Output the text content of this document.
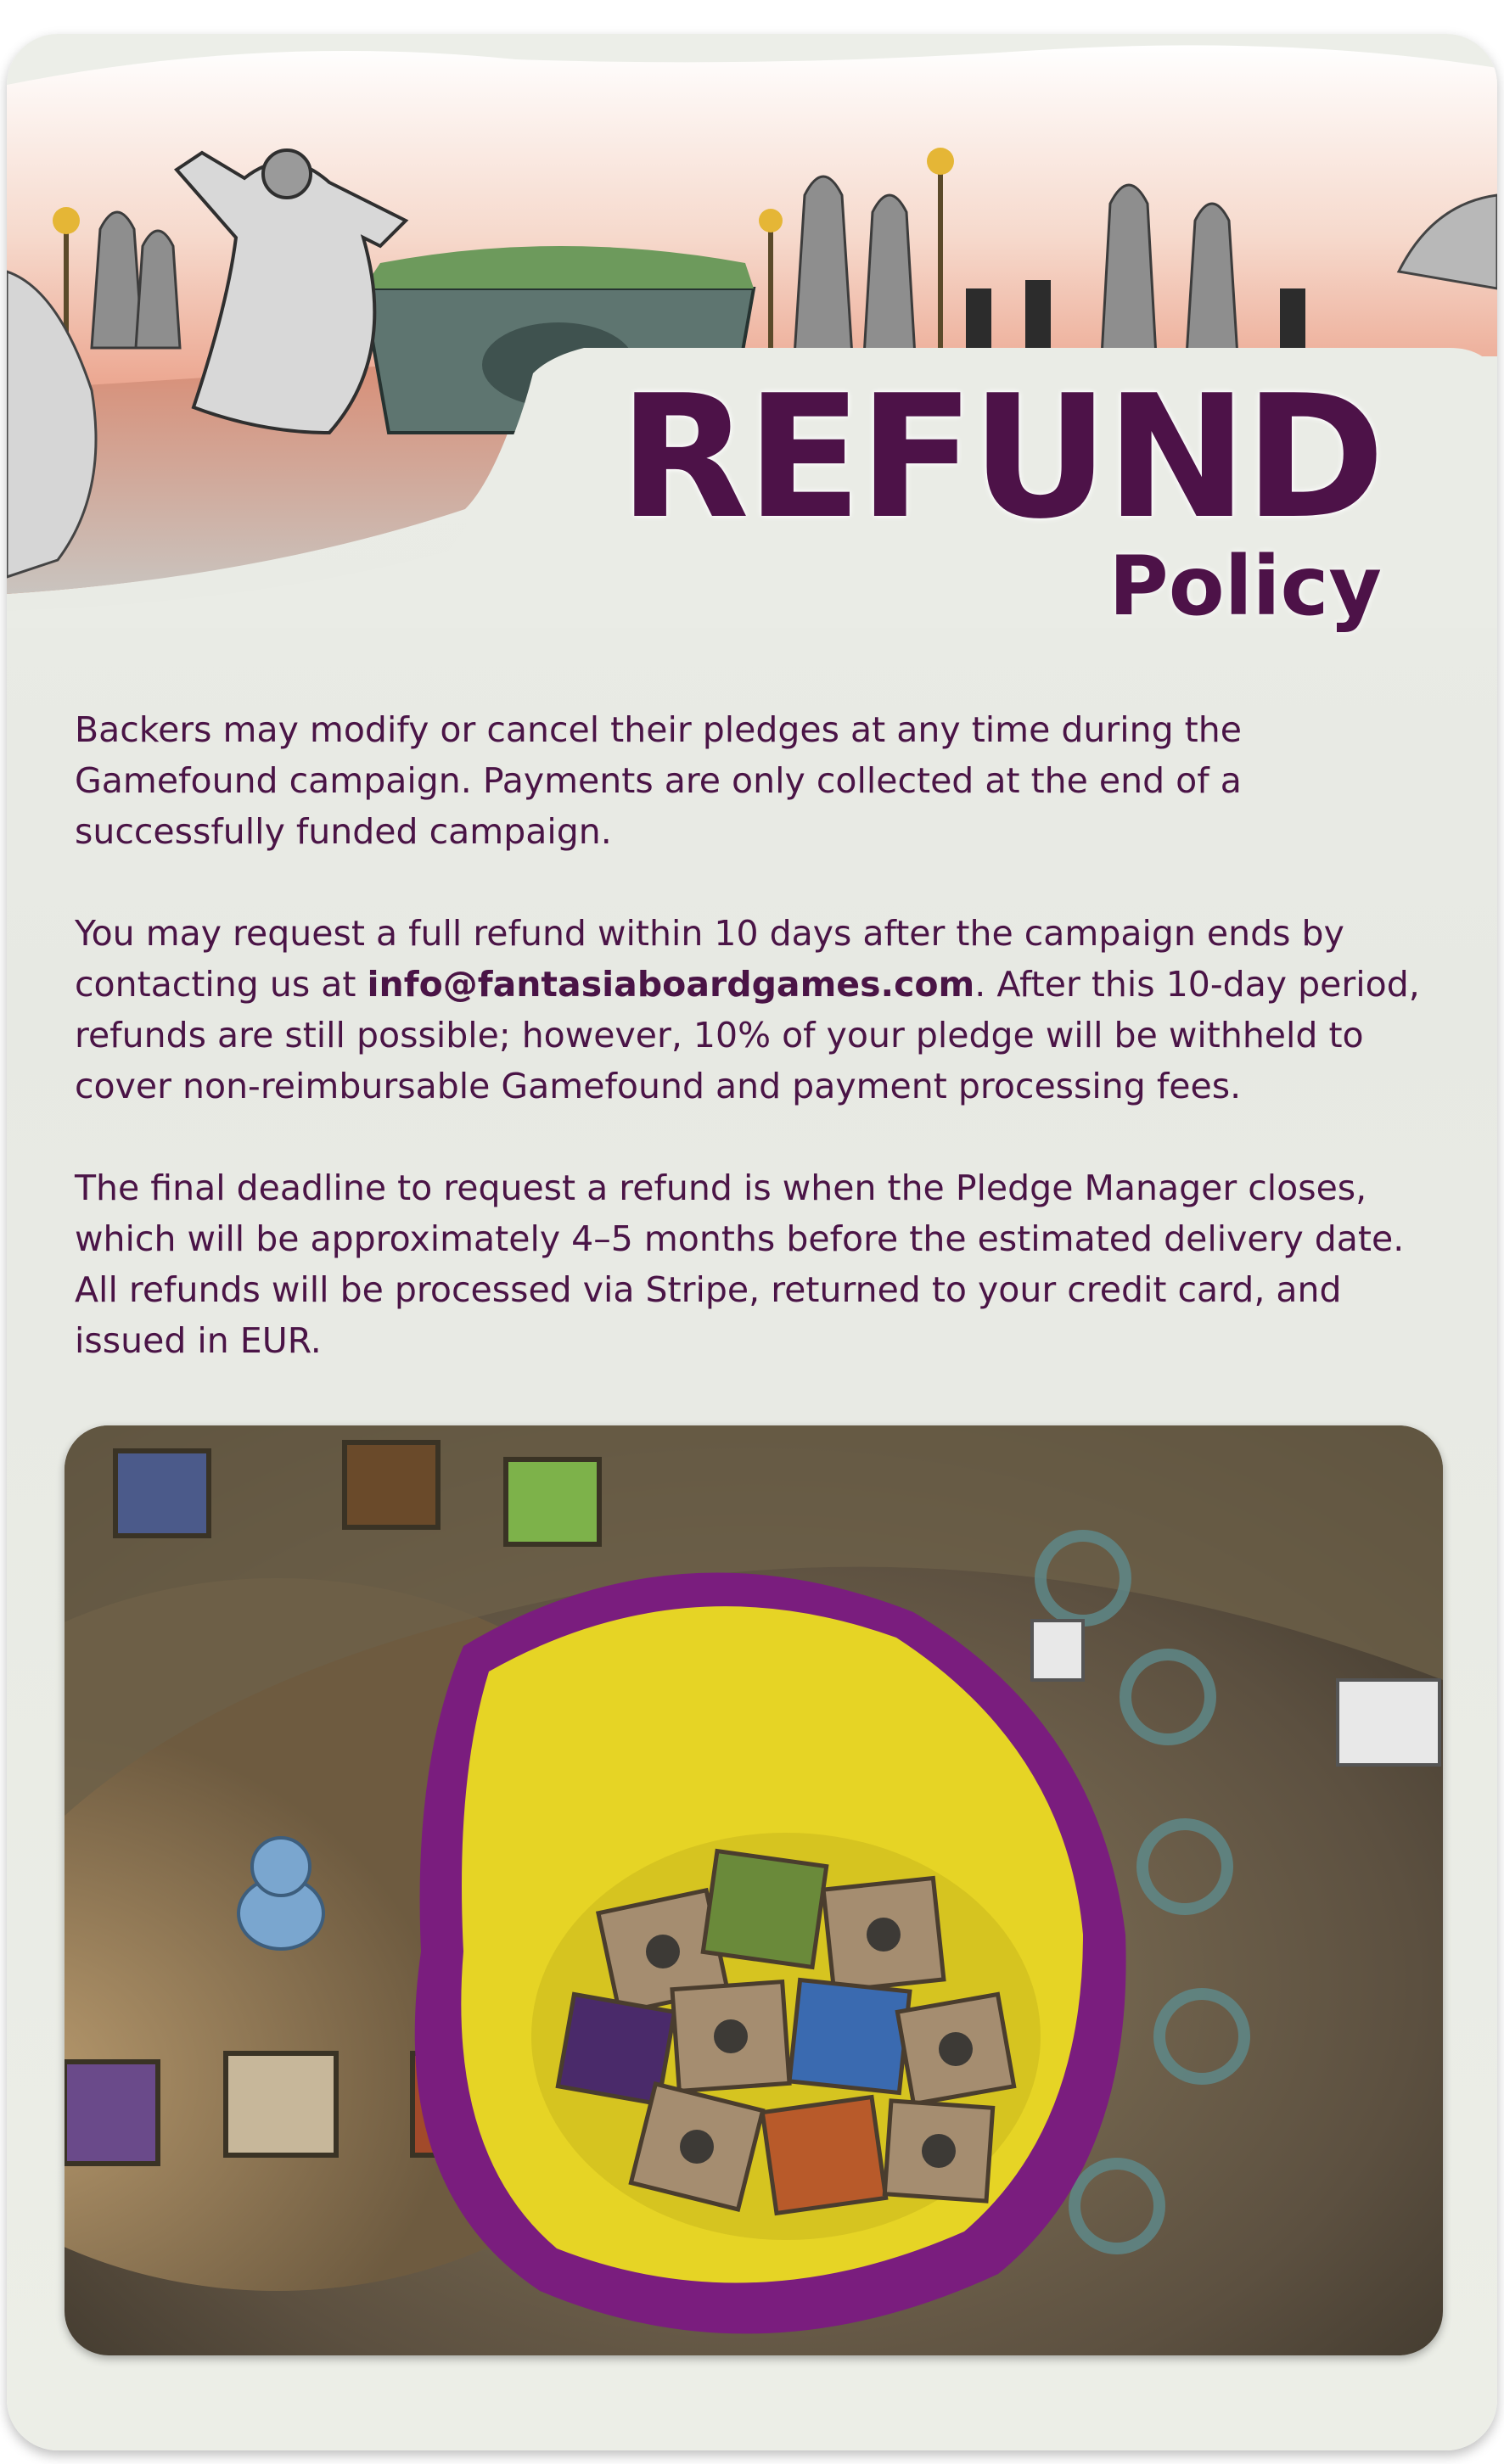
REFUND
Policy

Backers may modify or cancel their pledges at any time during the Gamefound campaign. Payments are only collected at the end of a successfully funded campaign.

You may request a full refund within 10 days after the campaign ends by contacting us at info@fantasiaboardgames.com. After this 10-day period, refunds are still possible; however, 10% of your pledge will be withheld to cover non-reimbursable Gamefound and payment processing fees.

The final deadline to request a refund is when the Pledge Manager closes, which will be approximately 4–5 months before the estimated delivery date. All refunds will be processed via Stripe, returned to your credit card, and issued in EUR.
